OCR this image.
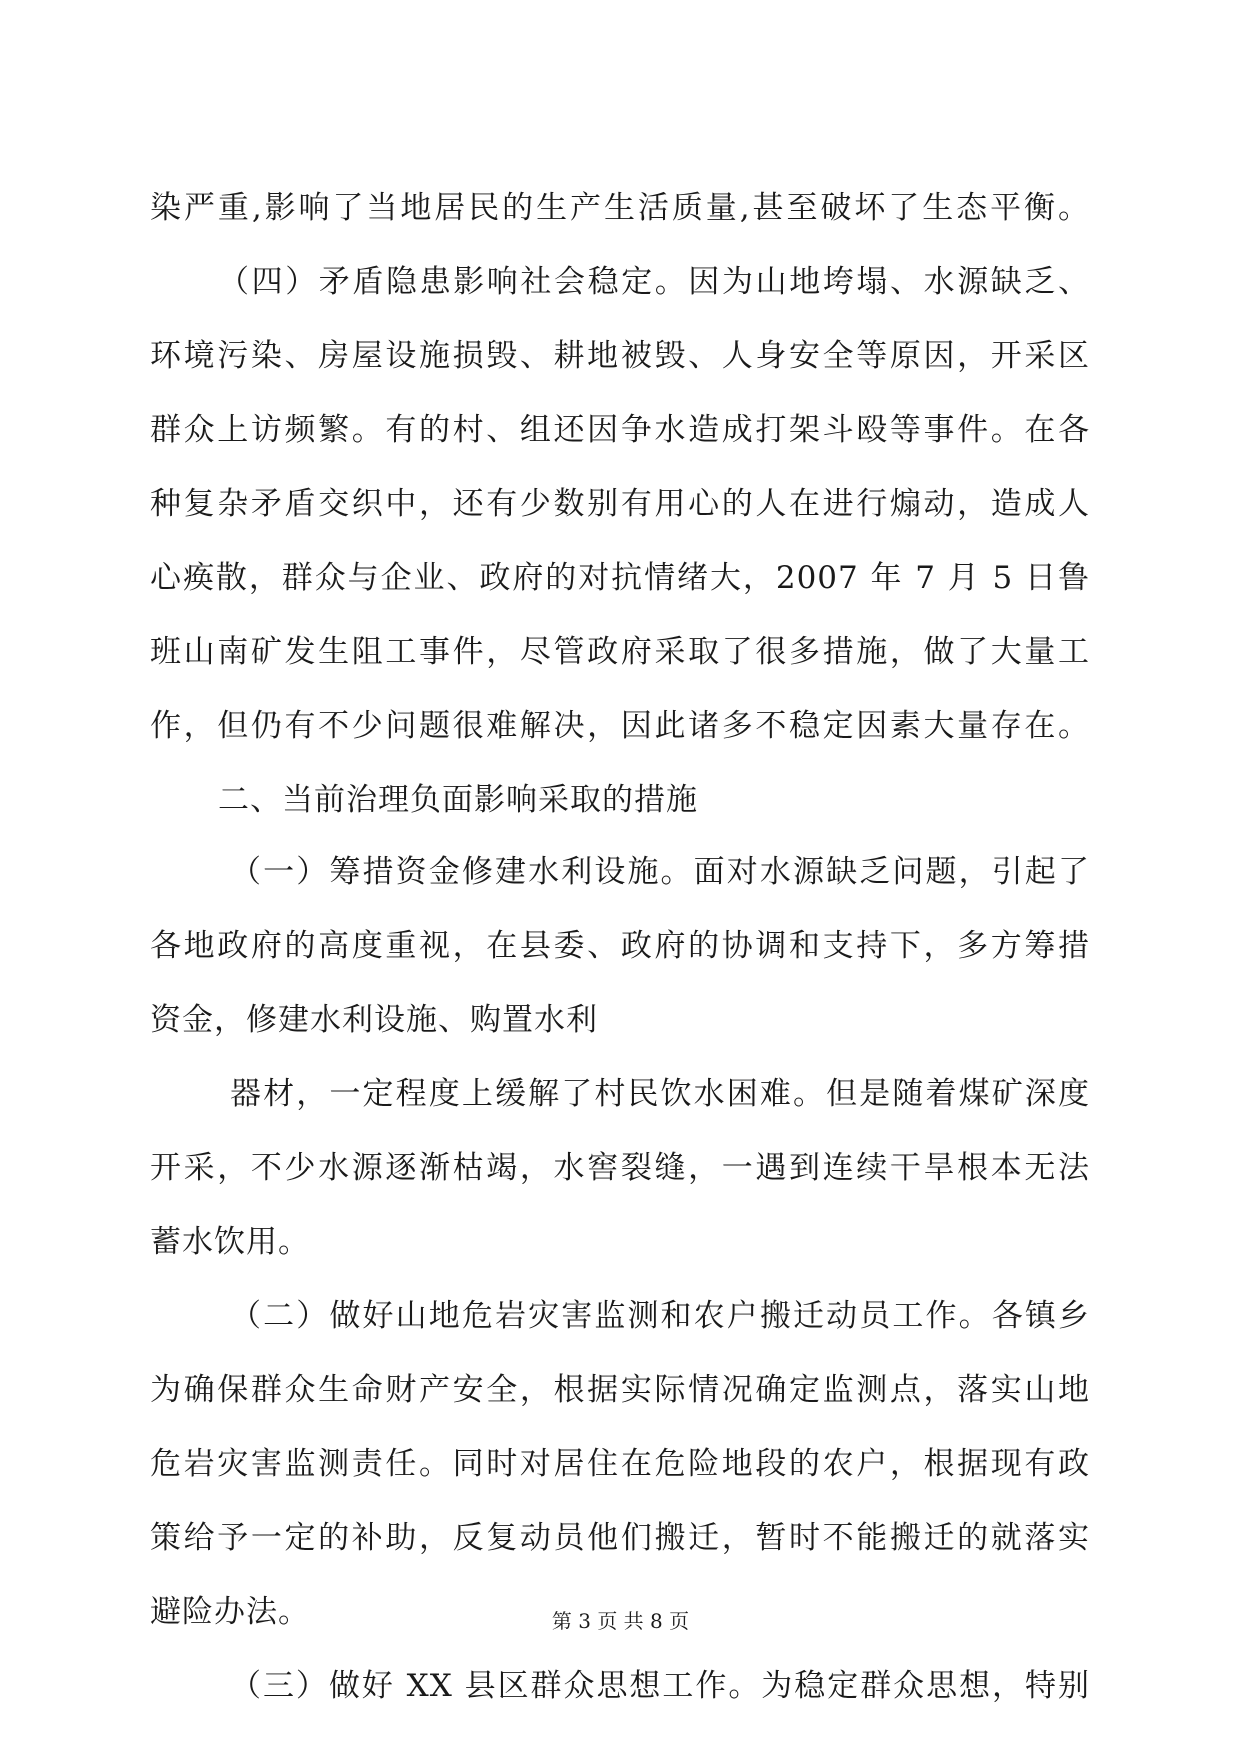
染严重,影响了当地居民的生产生活质量,甚至破坏了生态平衡。
（四）矛盾隐患影响社会稳定。因为山地垮塌、水源缺乏、
环境污染、房屋设施损毁、耕地被毁、人身安全等原因，开采区
群众上访频繁。有的村、组还因争水造成打架斗殴等事件。在各
种复杂矛盾交织中，还有少数别有用心的人在进行煽动，造成人
心痪散，群众与企业、政府的对抗情绪大，2007 年 7 月 5 日鲁
班山南矿发生阻工事件，尽管政府采取了很多措施，做了大量工
作，但仍有不少问题很难解决，因此诸多不稳定因素大量存在。
二、当前治理负面影响采取的措施
（一）筹措资金修建水利设施。面对水源缺乏问题，引起了
各地政府的高度重视，在县委、政府的协调和支持下，多方筹措
资金，修建水利设施、购置水利
器材，一定程度上缓解了村民饮水困难。但是随着煤矿深度
开采，不少水源逐渐枯竭，水窖裂缝，一遇到连续干旱根本无法
蓄水饮用。
（二）做好山地危岩灾害监测和农户搬迁动员工作。各镇乡
为确保群众生命财产安全，根据实际情况确定监测点，落实山地
危岩灾害监测责任。同时对居住在危险地段的农户，根据现有政
策给予一定的补助，反复动员他们搬迁，暂时不能搬迁的就落实
避险办法。
（三）做好 XX 县区群众思想工作。为稳定群众思想，特别
第 3 页 共 8 页
